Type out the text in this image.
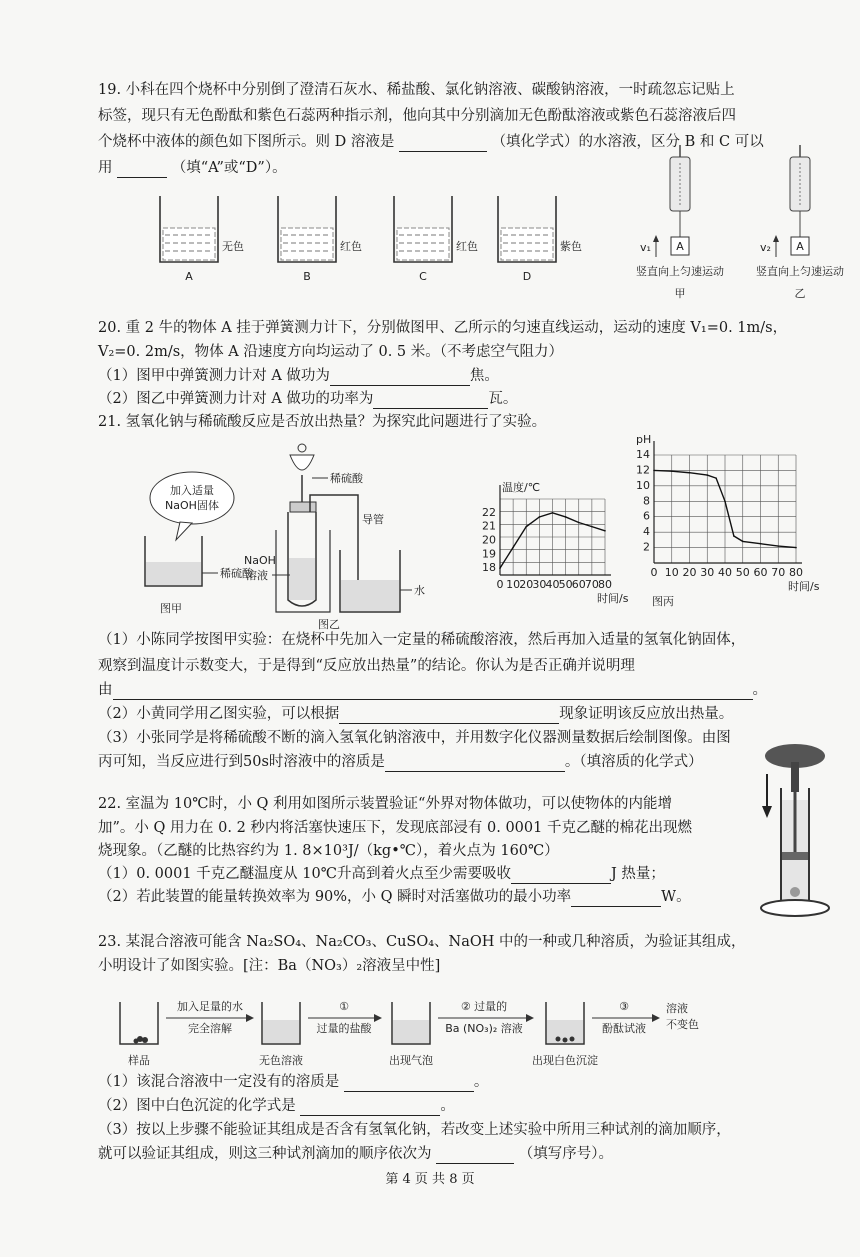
19. 小科在四个烧杯中分别倒了澄清石灰水、稀盐酸、氯化钠溶液、碳酸钠溶液，一时疏忽忘记贴上
标签，现只有无色酚酞和紫色石蕊两种指示剂，他向其中分别滴加无色酚酞溶液或紫色石蕊溶液后四
个烧杯中液体的颜色如下图所示。则 D 溶液是	（填化学式）的水溶液，区分 B 和 C 可以
用	（填“A”或“D”）。
无色
A
红色
B
红色
C
紫色
D
A
v₁
竖直向上匀速运动
甲
A
v₂
竖直向上匀速运动
乙
20. 重 2 牛的物体 A 挂于弹簧测力计下，分别做图甲、乙所示的匀速直线运动，运动的速度 V₁=0. 1m/s，
V₂=0. 2m/s，物体 A 沿速度方向均运动了 0. 5 米。（不考虑空气阻力）
（1）图甲中弹簧测力计对 A 做功为	焦。
（2）图乙中弹簧测力计对 A 做功的功率为	瓦。
21. 氢氧化钠与稀硫酸反应是否放出热量？为探究此问题进行了实验。
加入适量
NaOH固体
稀硫酸
图甲
稀硫酸
导管
水
NaOH
溶液
图乙
0 10 20 30 40 50 60 70 80
18
19
20
21
22
温度/℃
时间/s
0 10 20 30 40 50 60 70 80
2
4
6
8
10
12
14
pH
时间/s
图丙
（1）小陈同学按图甲实验：在烧杯中先加入一定量的稀硫酸溶液，然后再加入适量的氢氧化钠固体，
观察到温度计示数变大，于是得到“反应放出热量”的结论。你认为是否正确并说明理
由	。
（2）小黄同学用乙图实验，可以根据	现象证明该反应放出热量。
（3）小张同学是将稀硫酸不断的滴入氢氧化钠溶液中，并用数字化仪器测量数据后绘制图像。由图
丙可知，当反应进行到50s时溶液中的溶质是	。（填溶质的化学式）
22. 室温为 10℃时，小 Q 利用如图所示装置验证“外界对物体做功，可以使物体的内能增
加”。小 Q 用力在 0. 2 秒内将活塞快速压下，发现底部浸有 0. 0001 千克乙醚的棉花出现燃
烧现象。（乙醚的比热容约为 1. 8×10³J/（kg•℃），着火点为 160℃）
（1）0. 0001 千克乙醚温度从 10℃升高到着火点至少需要吸收	J 热量；
（2）若此装置的能量转换效率为 90%，小 Q 瞬时对活塞做功的最小功率	W。
23. 某混合溶液可能含 Na₂SO₄、Na₂CO₃、CuSO₄、NaOH 中的一种或几种溶质，为验证其组成，
小明设计了如图实验。[注：Ba（NO₃）₂溶液呈中性]
样品
加入足量的水
完全溶解
无色溶液
①
过量的盐酸
出现气泡
② 过量的
Ba (NO₃)₂ 溶液
出现白色沉淀
③
酚酞试液
溶液
不变色
（1）该混合溶液中一定没有的溶质是	。
（2）图中白色沉淀的化学式是	。
（3）按以上步骤不能验证其组成是否含有氢氧化钠，若改变上述实验中所用三种试剂的滴加顺序，
就可以验证其组成，则这三种试剂滴加的顺序依次为	（填写序号）。
第 4 页 共 8 页
